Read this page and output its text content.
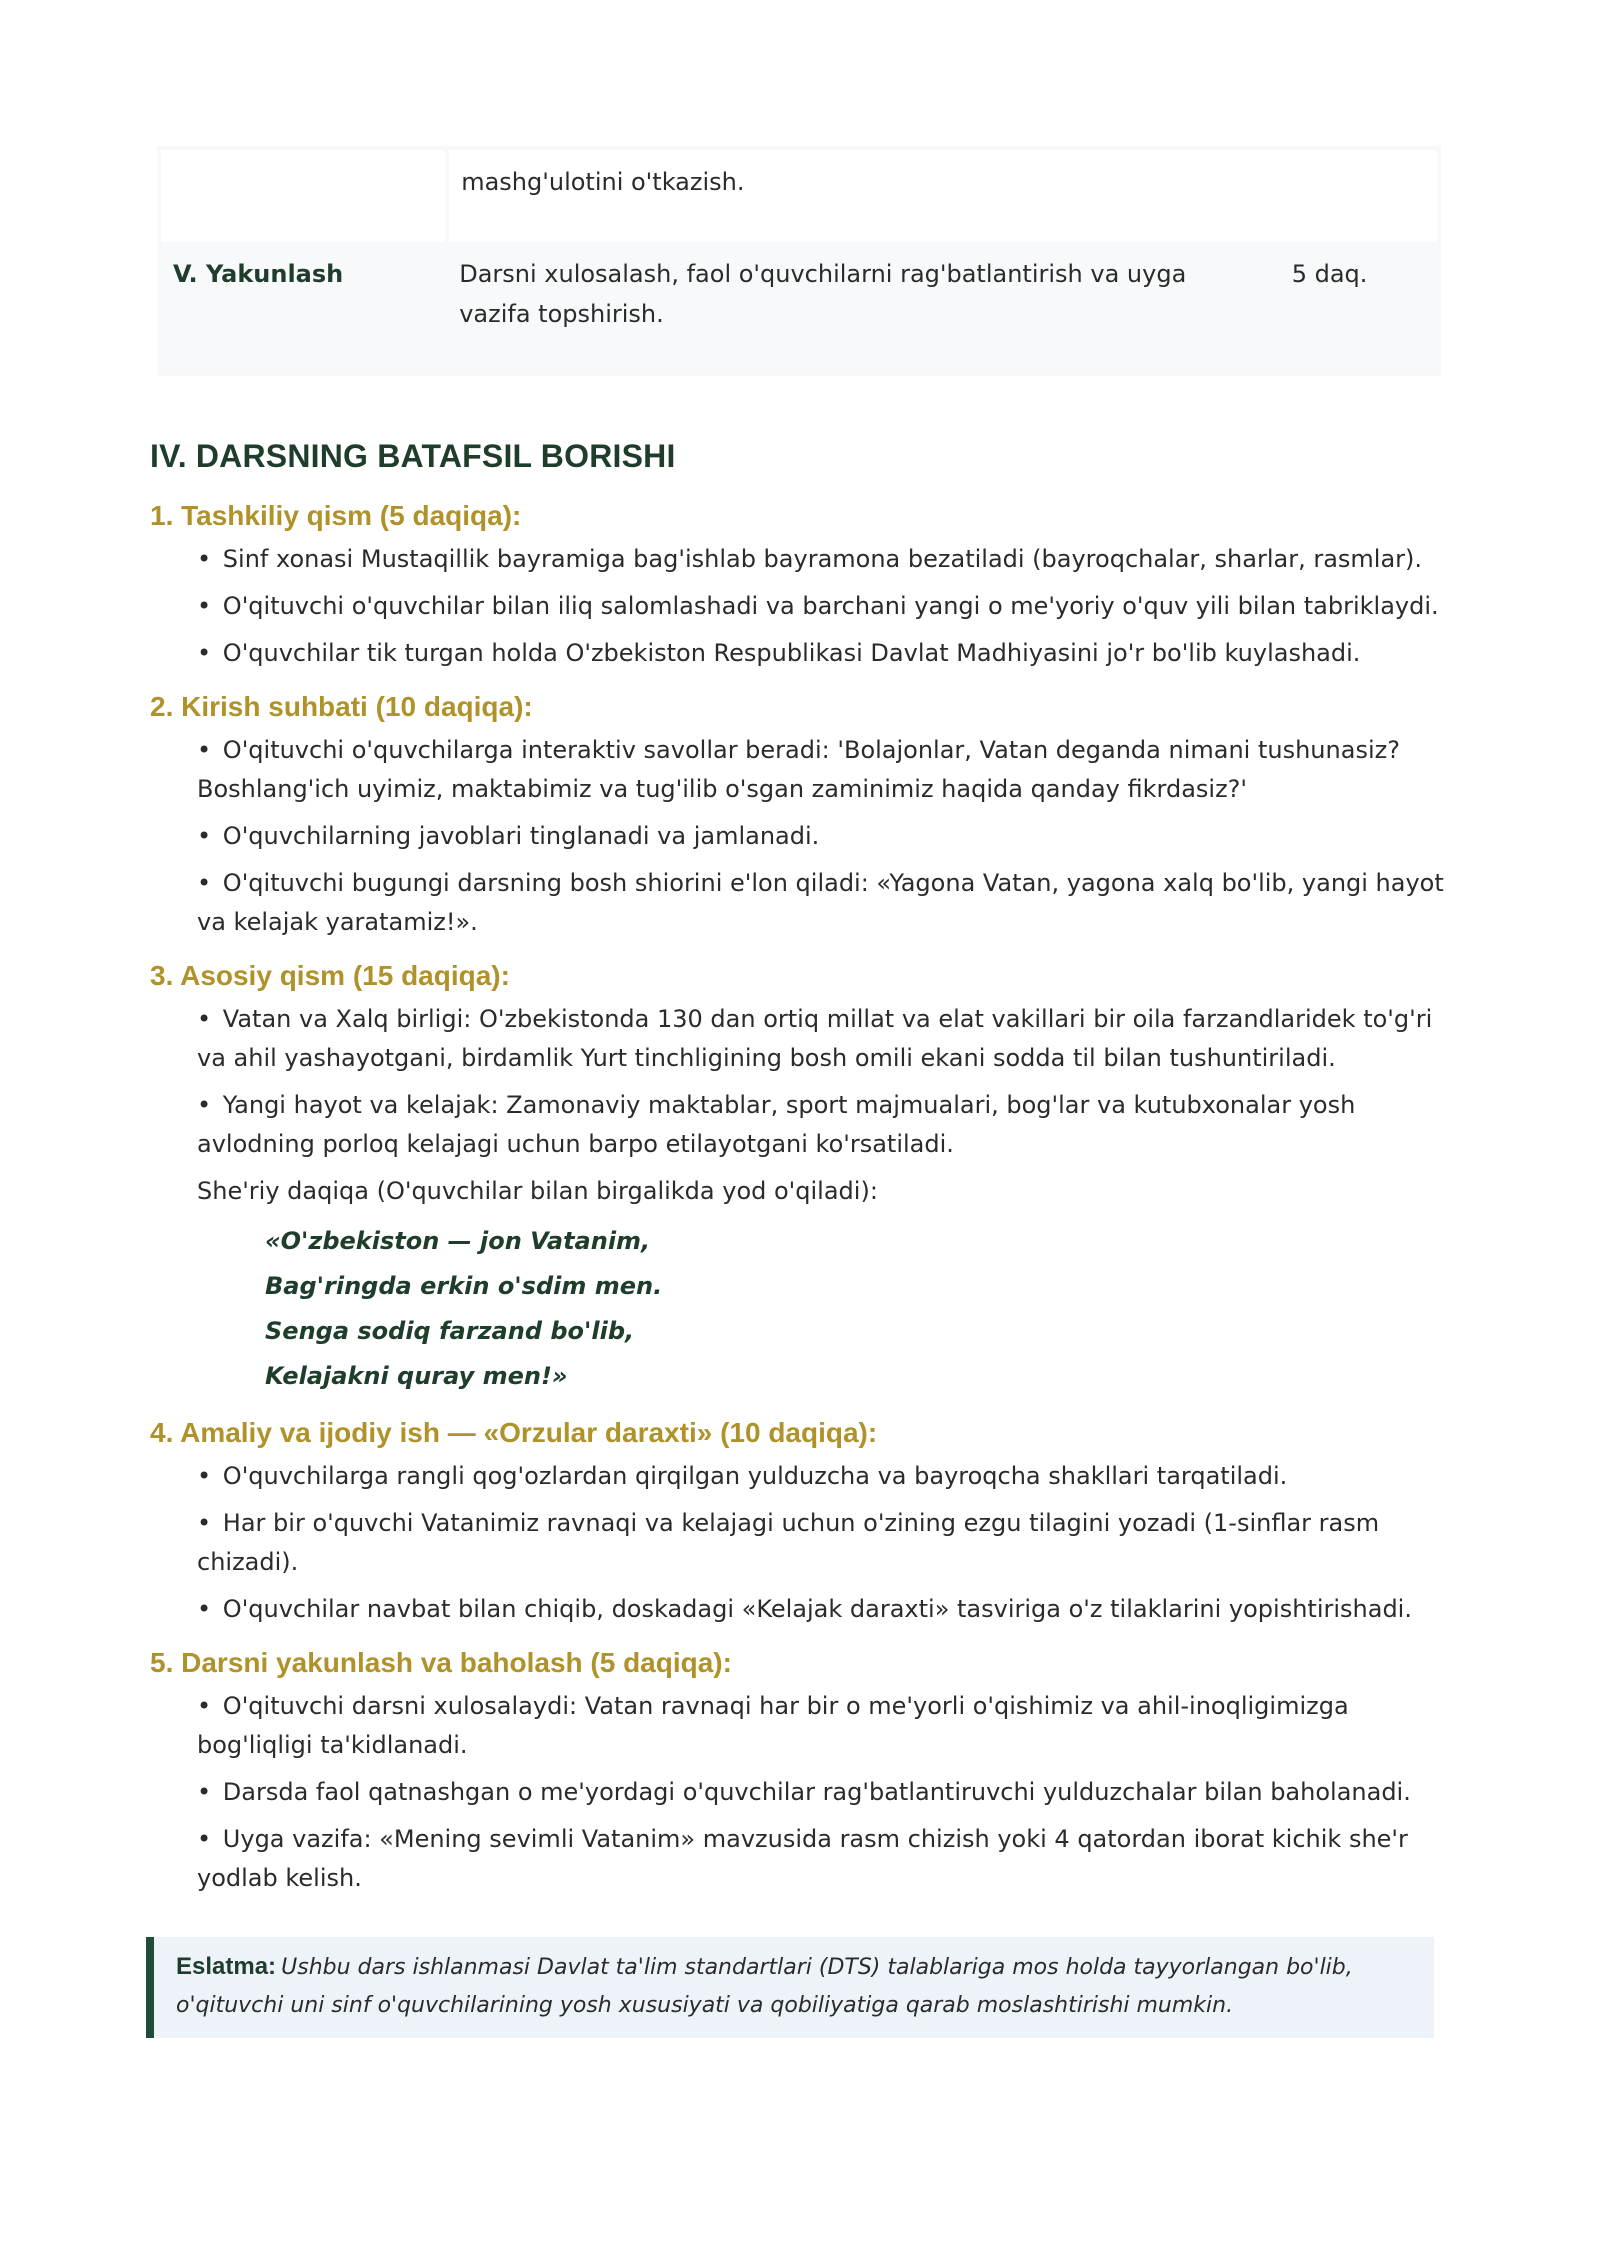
	mashg'ulotini o'tkazish.	
V. Yakunlash	Darsni xulosalash, faol o'quvchilarni rag'batlantirish va uyga vazifa topshirish.	5 daq.
IV. DARSNING BATAFSIL BORISHI
1. Tashkiliy qism (5 daqiqa):
• Sinf xonasi Mustaqillik bayramiga bag'ishlab bayramona bezatiladi (bayroqchalar, sharlar, rasmlar).
• O'qituvchi o'quvchilar bilan iliq salomlashadi va barchani yangi o me'yoriy o'quv yili bilan tabriklaydi.
• O'quvchilar tik turgan holda O'zbekiston Respublikasi Davlat Madhiyasini jo'r bo'lib kuylashadi.
2. Kirish suhbati (10 daqiqa):
• O'qituvchi o'quvchilarga interaktiv savollar beradi: 'Bolajonlar, Vatan deganda nimani tushunasiz? Boshlang'ich uyimiz, maktabimiz va tug'ilib o'sgan zaminimiz haqida qanday fikrdasiz?'
• O'quvchilarning javoblari tinglanadi va jamlanadi.
• O'qituvchi bugungi darsning bosh shiorini e'lon qiladi: «Yagona Vatan, yagona xalq bo'lib, yangi hayot va kelajak yaratamiz!».
3. Asosiy qism (15 daqiqa):
• Vatan va Xalq birligi: O'zbekistonda 130 dan ortiq millat va elat vakillari bir oila farzandlaridek to'g'ri va ahil yashayotgani, birdamlik Yurt tinchligining bosh omili ekani sodda til bilan tushuntiriladi.
• Yangi hayot va kelajak: Zamonaviy maktablar, sport majmualari, bog'lar va kutubxonalar yosh avlodning porloq kelajagi uchun barpo etilayotgani ko'rsatiladi.
She'riy daqiqa (O'quvchilar bilan birgalikda yod o'qiladi):
«O'zbekiston — jon Vatanim,
Bag'ringda erkin o'sdim men.
Senga sodiq farzand bo'lib,
Kelajakni quray men!»
4. Amaliy va ijodiy ish — «Orzular daraxti» (10 daqiqa):
• O'quvchilarga rangli qog'ozlardan qirqilgan yulduzcha va bayroqcha shakllari tarqatiladi.
• Har bir o'quvchi Vatanimiz ravnaqi va kelajagi uchun o'zining ezgu tilagini yozadi (1-sinflar rasm chizadi).
• O'quvchilar navbat bilan chiqib, doskadagi «Kelajak daraxti» tasviriga o'z tilaklarini yopishtirishadi.
5. Darsni yakunlash va baholash (5 daqiqa):
• O'qituvchi darsni xulosalaydi: Vatan ravnaqi har bir o me'yorli o'qishimiz va ahil-inoqligimizga bog'liqligi ta'kidlanadi.
• Darsda faol qatnashgan o me'yordagi o'quvchilar rag'batlantiruvchi yulduzchalar bilan baholanadi.
• Uyga vazifa: «Mening sevimli Vatanim» mavzusida rasm chizish yoki 4 qatordan iborat kichik she'r yodlab kelish.
Eslatma: Ushbu dars ishlanmasi Davlat ta'lim standartlari (DTS) talablariga mos holda tayyorlangan bo'lib, o'qituvchi uni sinf o'quvchilarining yosh xususiyati va qobiliyatiga qarab moslashtirishi mumkin.
